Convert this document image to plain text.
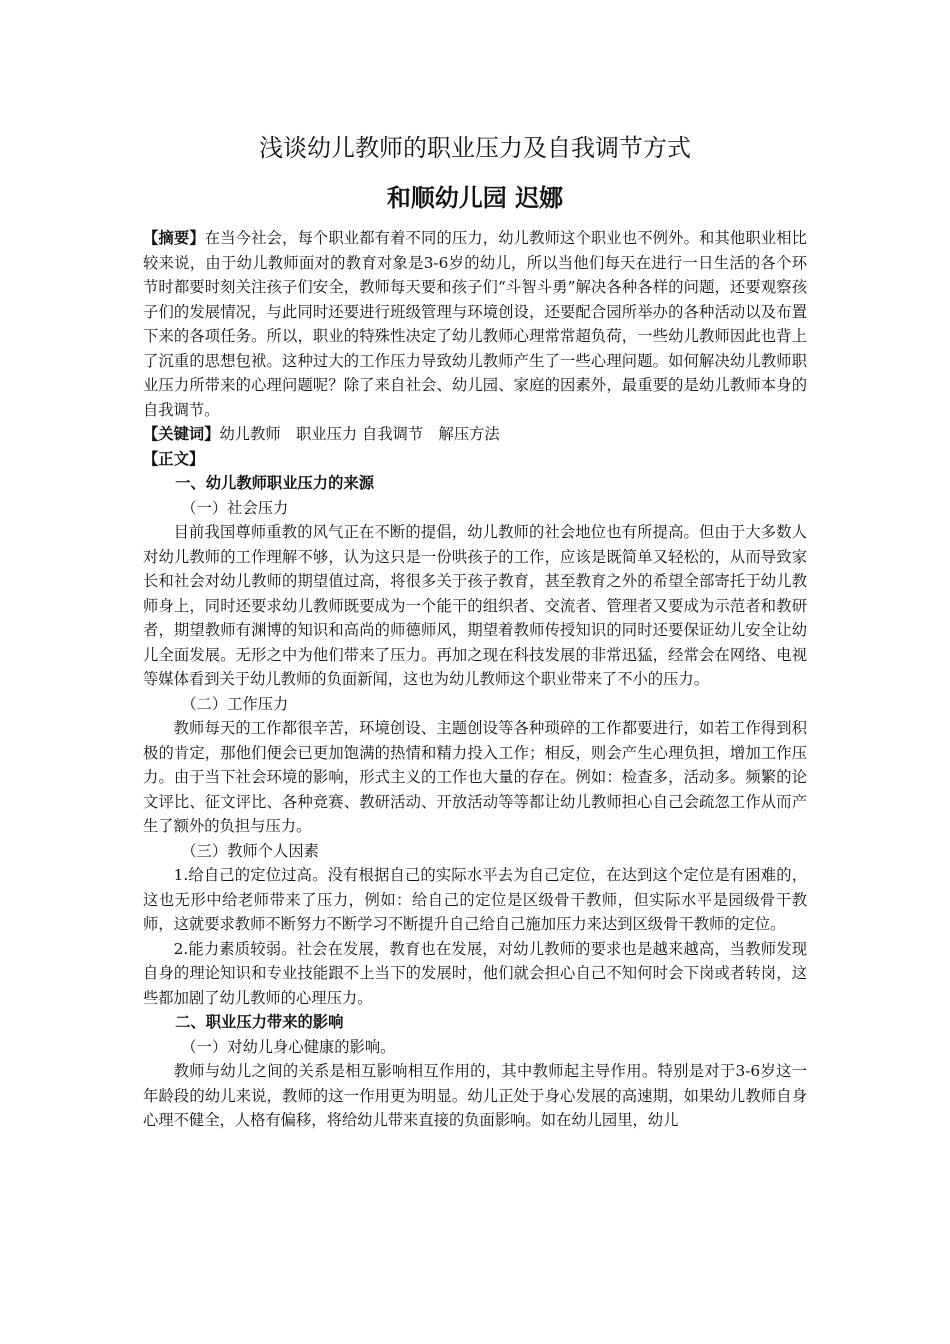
浅谈幼儿教师的职业压力及自我调节方式
和顺幼儿园 迟娜

【摘要】在当今社会，每个职业都有着不同的压力，幼儿教师这个职业也不例外。和其他职业相比较来说，由于幼儿教师面对的教育对象是3-6岁的幼儿，所以当他们每天在进行一日生活的各个环节时都要时刻关注孩子们安全，教师每天要和孩子们“斗智斗勇”解决各种各样的问题，还要观察孩子们的发展情况，与此同时还要进行班级管理与环境创设，还要配合园所举办的各种活动以及布置下来的各项任务。所以，职业的特殊性决定了幼儿教师心理常常超负荷，一些幼儿教师因此也背上了沉重的思想包袱。这种过大的工作压力导致幼儿教师产生了一些心理问题。如何解决幼儿教师职业压力所带来的心理问题呢？除了来自社会、幼儿园、家庭的因素外，最重要的是幼儿教师本身的自我调节。

【关键词】幼儿教师　职业压力 自我调节　解压方法

【正文】

一、幼儿教师职业压力的来源

（一）社会压力

目前我国尊师重教的风气正在不断的提倡，幼儿教师的社会地位也有所提高。但由于大多数人对幼儿教师的工作理解不够，认为这只是一份哄孩子的工作，应该是既简单又轻松的，从而导致家长和社会对幼儿教师的期望值过高，将很多关于孩子教育，甚至教育之外的希望全部寄托于幼儿教师身上，同时还要求幼儿教师既要成为一个能干的组织者、交流者、管理者又要成为示范者和教研者，期望教师有渊博的知识和高尚的师德师风，期望着教师传授知识的同时还要保证幼儿安全让幼儿全面发展。无形之中为他们带来了压力。再加之现在科技发展的非常迅猛，经常会在网络、电视等媒体看到关于幼儿教师的负面新闻，这也为幼儿教师这个职业带来了不小的压力。

（二）工作压力

教师每天的工作都很辛苦，环境创设、主题创设等各种琐碎的工作都要进行，如若工作得到积极的肯定，那他们便会已更加饱满的热情和精力投入工作；相反，则会产生心理负担，增加工作压力。由于当下社会环境的影响，形式主义的工作也大量的存在。例如：检查多，活动多。频繁的论文评比、征文评比、各种竞赛、教研活动、开放活动等等都让幼儿教师担心自己会疏忽工作从而产生了额外的负担与压力。

（三）教师个人因素

1.给自己的定位过高。没有根据自己的实际水平去为自己定位，在达到这个定位是有困难的，这也无形中给老师带来了压力，例如：给自己的定位是区级骨干教师，但实际水平是园级骨干教师，这就要求教师不断努力不断学习不断提升自己给自己施加压力来达到区级骨干教师的定位。

2.能力素质较弱。社会在发展，教育也在发展，对幼儿教师的要求也是越来越高，当教师发现自身的理论知识和专业技能跟不上当下的发展时，他们就会担心自己不知何时会下岗或者转岗，这些都加剧了幼儿教师的心理压力。

二、职业压力带来的影响

（一）对幼儿身心健康的影响。

教师与幼儿之间的关系是相互影响相互作用的，其中教师起主导作用。特别是对于3-6岁这一年龄段的幼儿来说，教师的这一作用更为明显。幼儿正处于身心发展的高速期，如果幼儿教师自身心理不健全，人格有偏移，将给幼儿带来直接的负面影响。如在幼儿园里，幼儿
